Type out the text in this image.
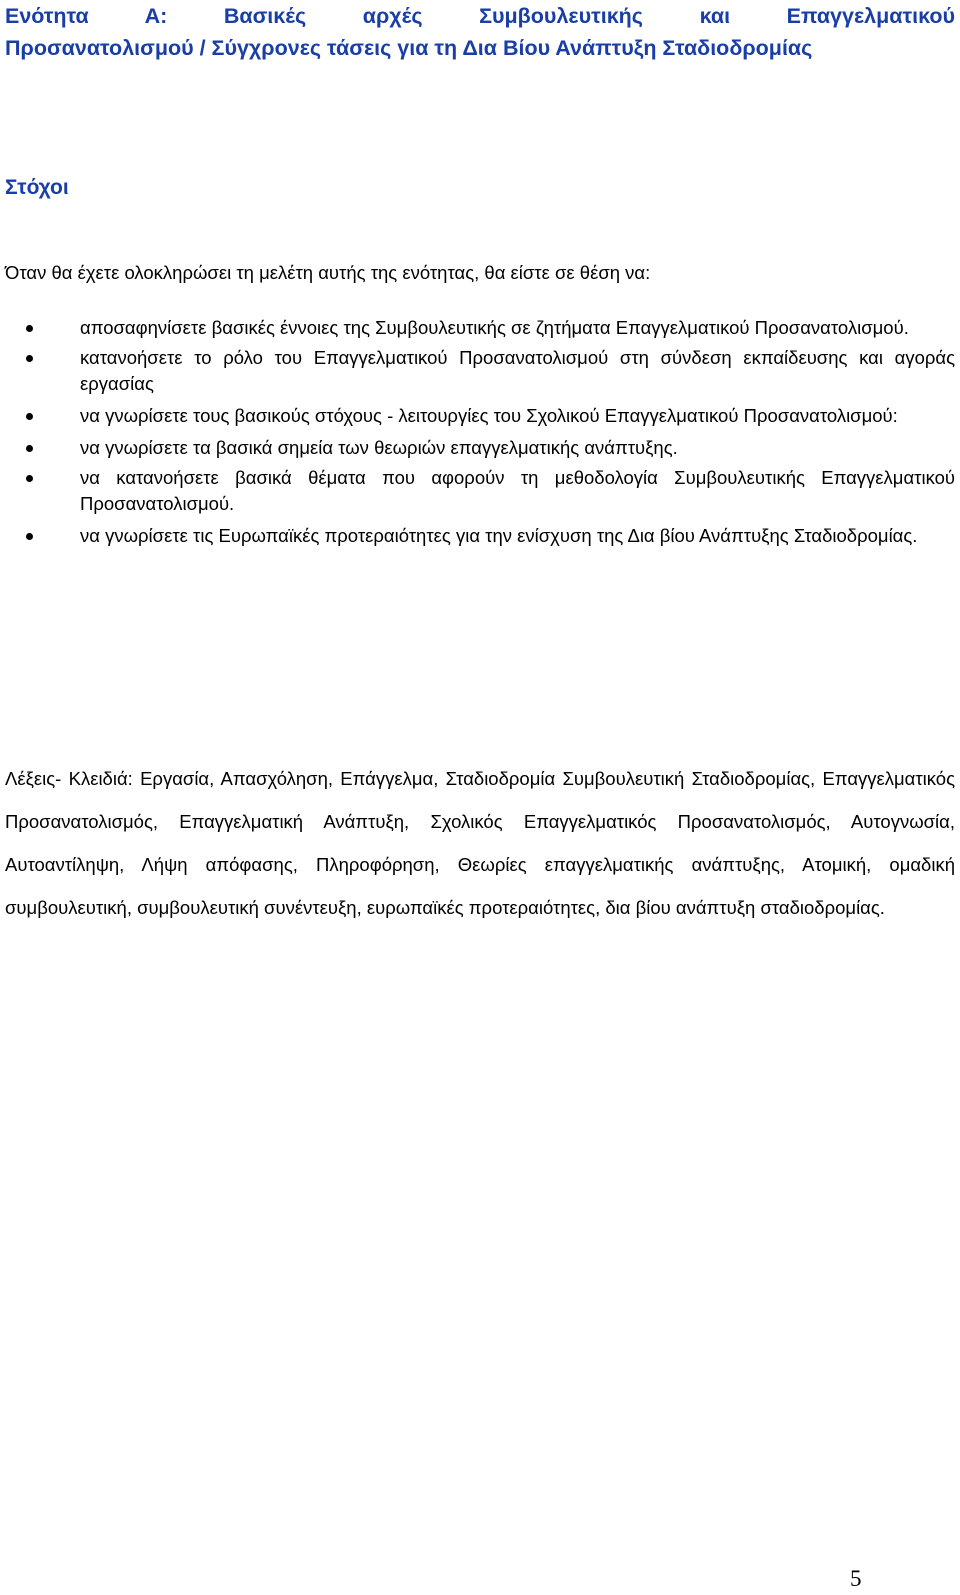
Ενότητα Α: Βασικές αρχές Συμβουλευτικής και Επαγγελματικού
Προσανατολισμού / Σύγχρονες τάσεις για τη Δια Βίου Ανάπτυξη Σταδιοδρομίας
Στόχοι
Όταν θα έχετε ολοκληρώσει τη μελέτη αυτής της ενότητας, θα είστε σε θέση να:
αποσαφηνίσετε βασικές έννοιες της Συμβουλευτικής σε ζητήματα Επαγγελματικού Προσανατολισμού.
κατανοήσετε το ρόλο του Επαγγελματικού Προσανατολισμού στη σύνδεση εκπαίδευσης και αγοράς εργασίας
να γνωρίσετε τους βασικούς στόχους - λειτουργίες του Σχολικού Επαγγελματικού Προσανατολισμού:
να γνωρίσετε τα βασικά σημεία των θεωριών επαγγελματικής ανάπτυξης.
να κατανοήσετε βασικά θέματα που αφορούν τη μεθοδολογία Συμβουλευτικής Επαγγελματικού Προσανατολισμού.
να γνωρίσετε τις Ευρωπαϊκές προτεραιότητες για την ενίσχυση της Δια βίου Ανάπτυξης Σταδιοδρομίας.
Λέξεις- Κλειδιά: Εργασία, Απασχόληση, Επάγγελμα, Σταδιοδρομία Συμβουλευτική Σταδιοδρομίας, Επαγγελματικός Προσανατολισμός, Επαγγελματική Ανάπτυξη, Σχολικός Επαγγελματικός Προσανατολισμός, Αυτογνωσία, Αυτοαντίληψη, Λήψη απόφασης, Πληροφόρηση, Θεωρίες επαγγελματικής ανάπτυξης, Ατομική, ομαδική συμβουλευτική, συμβουλευτική συνέντευξη, ευρωπαϊκές προτεραιότητες, δια βίου ανάπτυξη σταδιοδρομίας.
5
